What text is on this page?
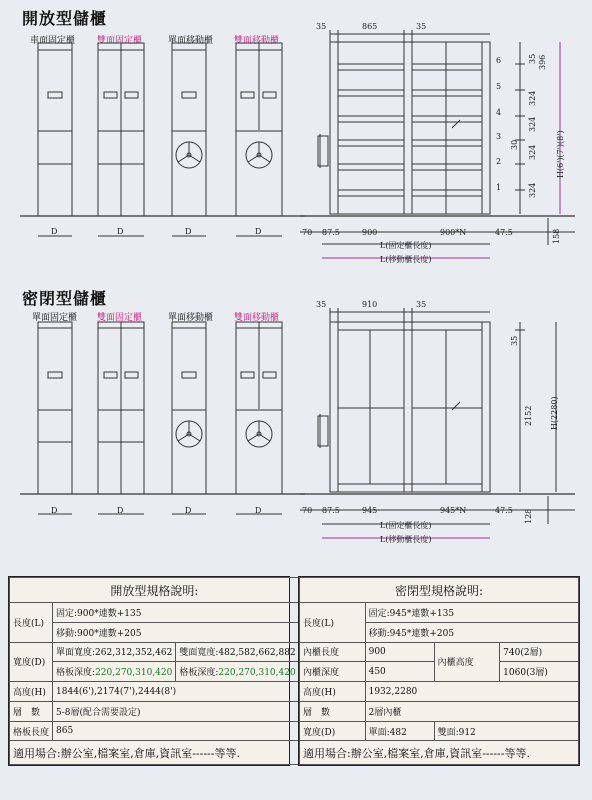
開放型儲櫃
車面固定櫃 雙面固定櫃	單面移動櫃 雙面移動櫃
D	D	D	D
35	865	35
6
5
4
3
2
1
35 396
324
324
30 324
324
H(6')(7')(8')
70 87.5	900	900*N	47.5	158
L(固定櫃長度)
L(移動櫃長度)
密閉型儲櫃
單面固定櫃 雙面固定櫃	單面移動櫃 雙面移動櫃
D	D	D	D
35	910	35
35
2152
128
H(2280)
70 87.5	945	945*N	47.5
L(固定櫃長度)
L(移動櫃長度)
開放型規格說明:		
長度(L)	固定:900*連數+135	
	移動:900*連數+205	
寬度(D)	單面寬度:262,312,352,462	雙面寬度:482,582,662,882
	格板深度:220,270,310,420	格板深度:220,270,310,420
高度(H)	1844(6'),2174(7'),2444(8')	
層　數	5-8層(配合需要設定)	
格板長度	865	
適用場合:辦公室,檔案室,倉庫,資訊室------等等.		
密閉型規格說明:			
長度(L)	固定:945*連數+135		
	移動:945*連數+205		
內櫃長度	900	內櫃高度	740(2層)
內櫃深度	450		1060(3層)
高度(H)	1932,2280		
層　數	2層內櫃		
寬度(D)	單面:482	雙面:912	
適用場合:辦公室,檔案室,倉庫,資訊室------等等.			
